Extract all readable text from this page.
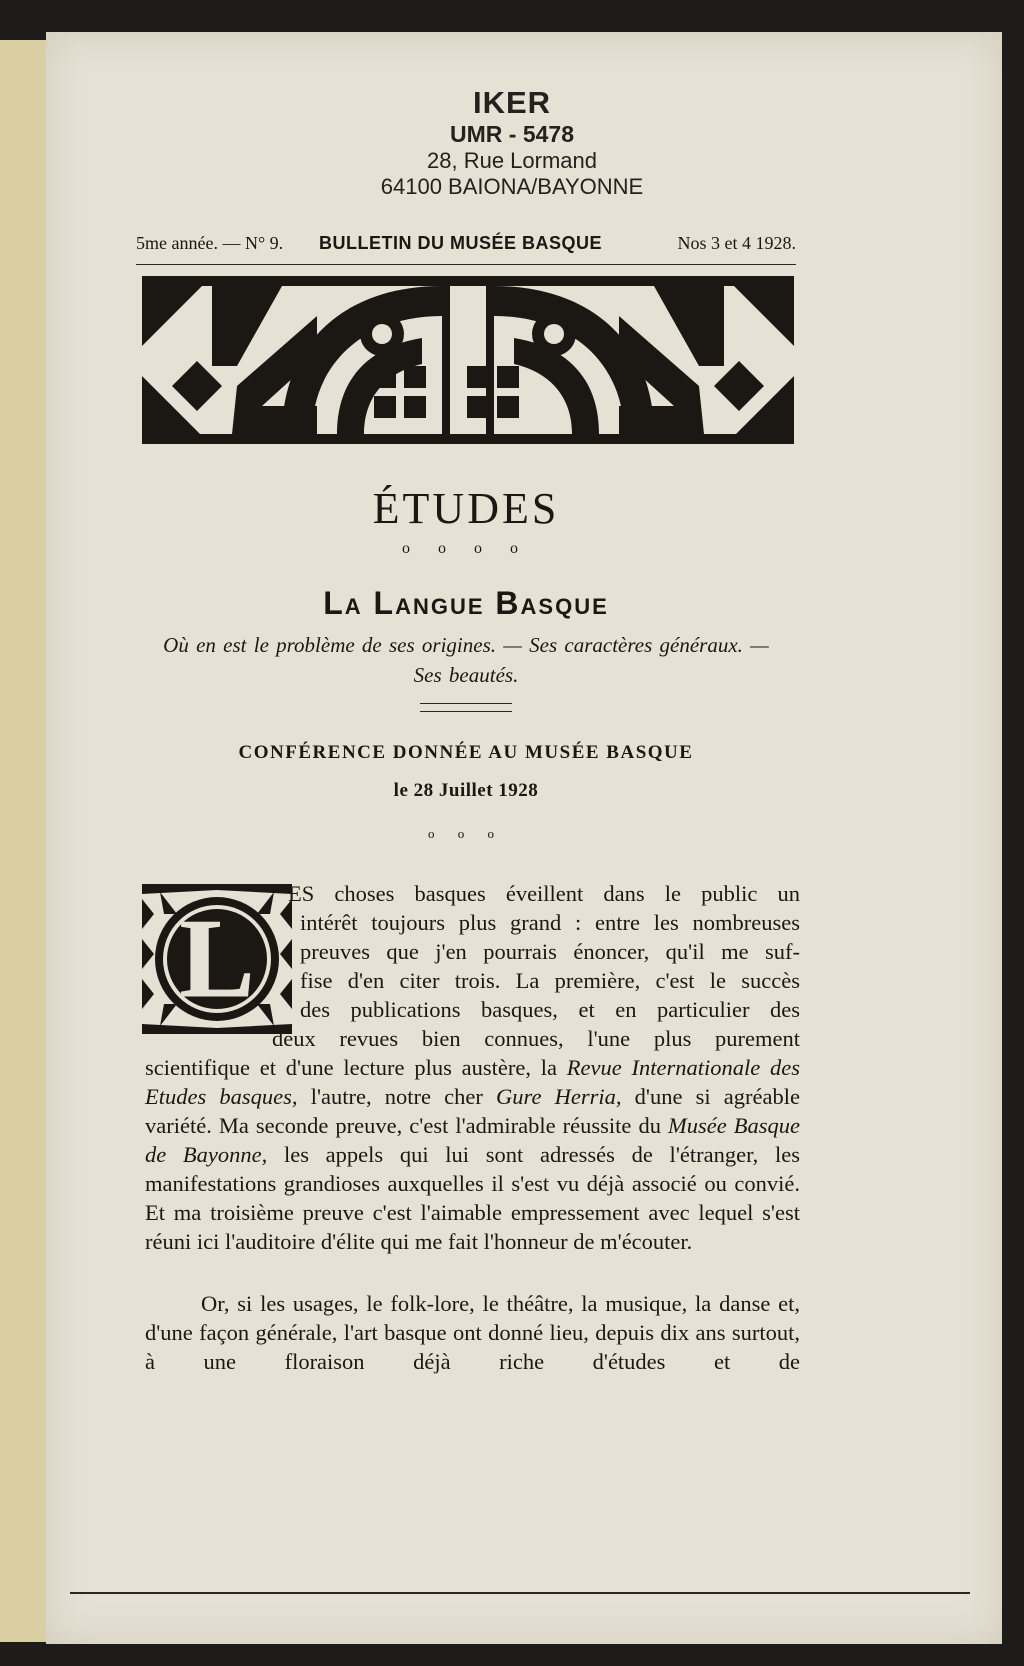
IKER
UMR - 5478
28, Rue Lormand
64100 BAIONA/BAYONNE
5me année. — N° 9. BULLETIN DU MUSÉE BASQUE	Nos 3 et 4 1928.
ÉTUDES
o o o o
La Langue Basque
Où en est le problème de ses origines. — Ses caractères généraux. —
Ses beautés.
CONFÉRENCE DONNÉE AU MUSÉE BASQUE
le 28 Juillet 1928
o o o
L
ES choses basques éveillent dans le public un
intérêt toujours plus grand : entre les nombreuses
preuves que j'en pourrais énoncer, qu'il me suf-
fise d'en citer trois. La première, c'est le succès
des publications basques, et en particulier des
deux revues bien connues, l'une plus purement
scientifique et d'une lecture plus austère, la Revue Internationale des Etudes basques, l'autre, notre cher Gure Herria, d'une si agréable variété. Ma seconde preuve, c'est l'admirable réussite du Musée Basque de Bayonne, les appels qui lui sont adressés de l'étranger, les manifestations grandioses auxquelles il s'est vu déjà associé ou convié. Et ma troisième preuve c'est l'aimable empressement avec lequel s'est réuni ici l'auditoire d'élite qui me fait l'honneur de m'écouter.
Or, si les usages, le folk-lore, le théâtre, la musique, la danse et, d'une façon générale, l'art basque ont donné lieu, depuis dix ans surtout, à une floraison déjà riche d'études et de
